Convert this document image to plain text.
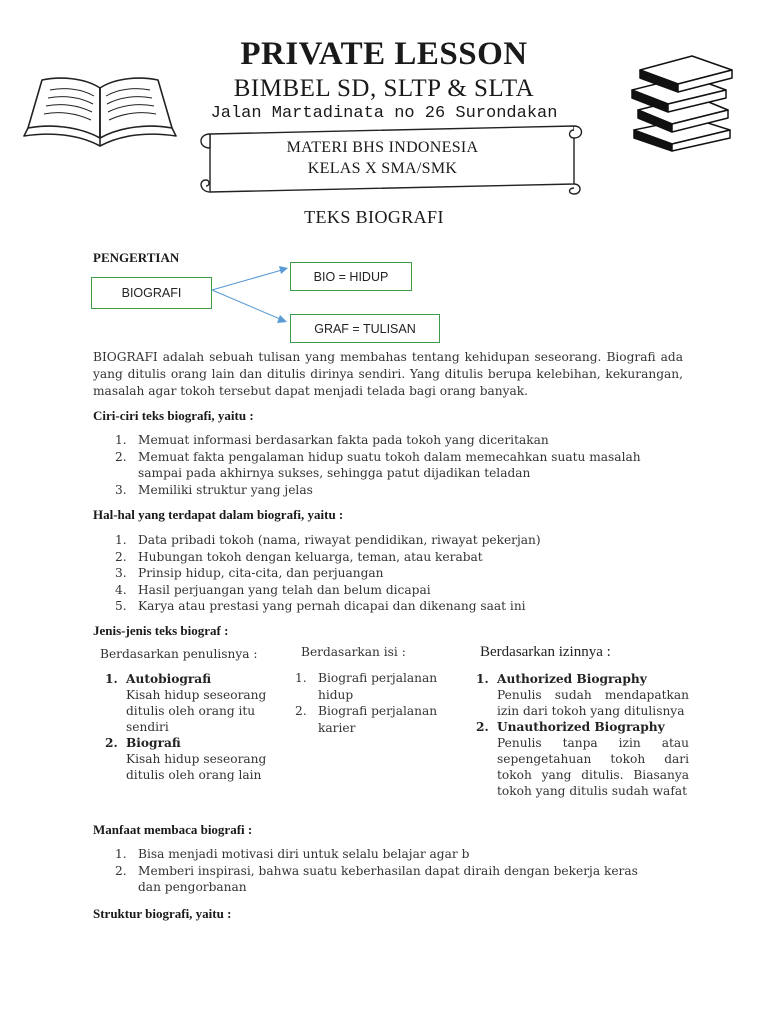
PRIVATE LESSON
BIMBEL SD, SLTP & SLTA
Jalan Martadinata no 26 Surondakan
MATERI BHS INDONESIA
KELAS X SMA/SMK
TEKS BIOGRAFI
PENGERTIAN
BIOGRAFI
BIO = HIDUP
GRAF = TULISAN
BIOGRAFI adalah sebuah tulisan yang membahas tentang kehidupan seseorang. Biografi ada yang ditulis orang lain dan ditulis dirinya sendiri. Yang ditulis berupa kelebihan, kekurangan, masalah agar tokoh tersebut dapat menjadi telada bagi orang banyak.
Ciri-ciri teks biografi, yaitu :
1. Memuat informasi berdasarkan fakta pada tokoh yang diceritakan
2. Memuat fakta pengalaman hidup suatu tokoh dalam memecahkan suatu masalah sampai pada akhirnya sukses, sehingga patut dijadikan teladan
3. Memiliki struktur yang jelas
Hal-hal yang terdapat dalam biografi, yaitu :
1. Data pribadi tokoh (nama, riwayat pendidikan, riwayat pekerjan)
2. Hubungan tokoh dengan keluarga, teman, atau kerabat
3. Prinsip hidup, cita-cita, dan perjuangan
4. Hasil perjuangan yang telah dan belum dicapai
5. Karya atau prestasi yang pernah dicapai dan dikenang saat ini
Jenis-jenis teks biograf :
Berdasarkan penulisnya :
1. Autobiografi
Kisah hidup seseorang ditulis oleh orang itu sendiri
2. Biografi
Kisah hidup seseorang ditulis oleh orang lain
Berdasarkan isi :
1. Biografi perjalanan hidup
2. Biografi perjalanan karier
Berdasarkan izinnya :
1. Authorized Biography
Penulis sudah mendapatkan izin dari tokoh yang ditulisnya
2. Unauthorized Biography
Penulis tanpa izin atau sepengetahuan tokoh dari tokoh yang ditulis. Biasanya tokoh yang ditulis sudah wafat
Manfaat membaca biografi :
1. Bisa menjadi motivasi diri untuk selalu belajar agar b
2. Memberi inspirasi, bahwa suatu keberhasilan dapat diraih dengan bekerja keras dan pengorbanan
Struktur biografi, yaitu :
